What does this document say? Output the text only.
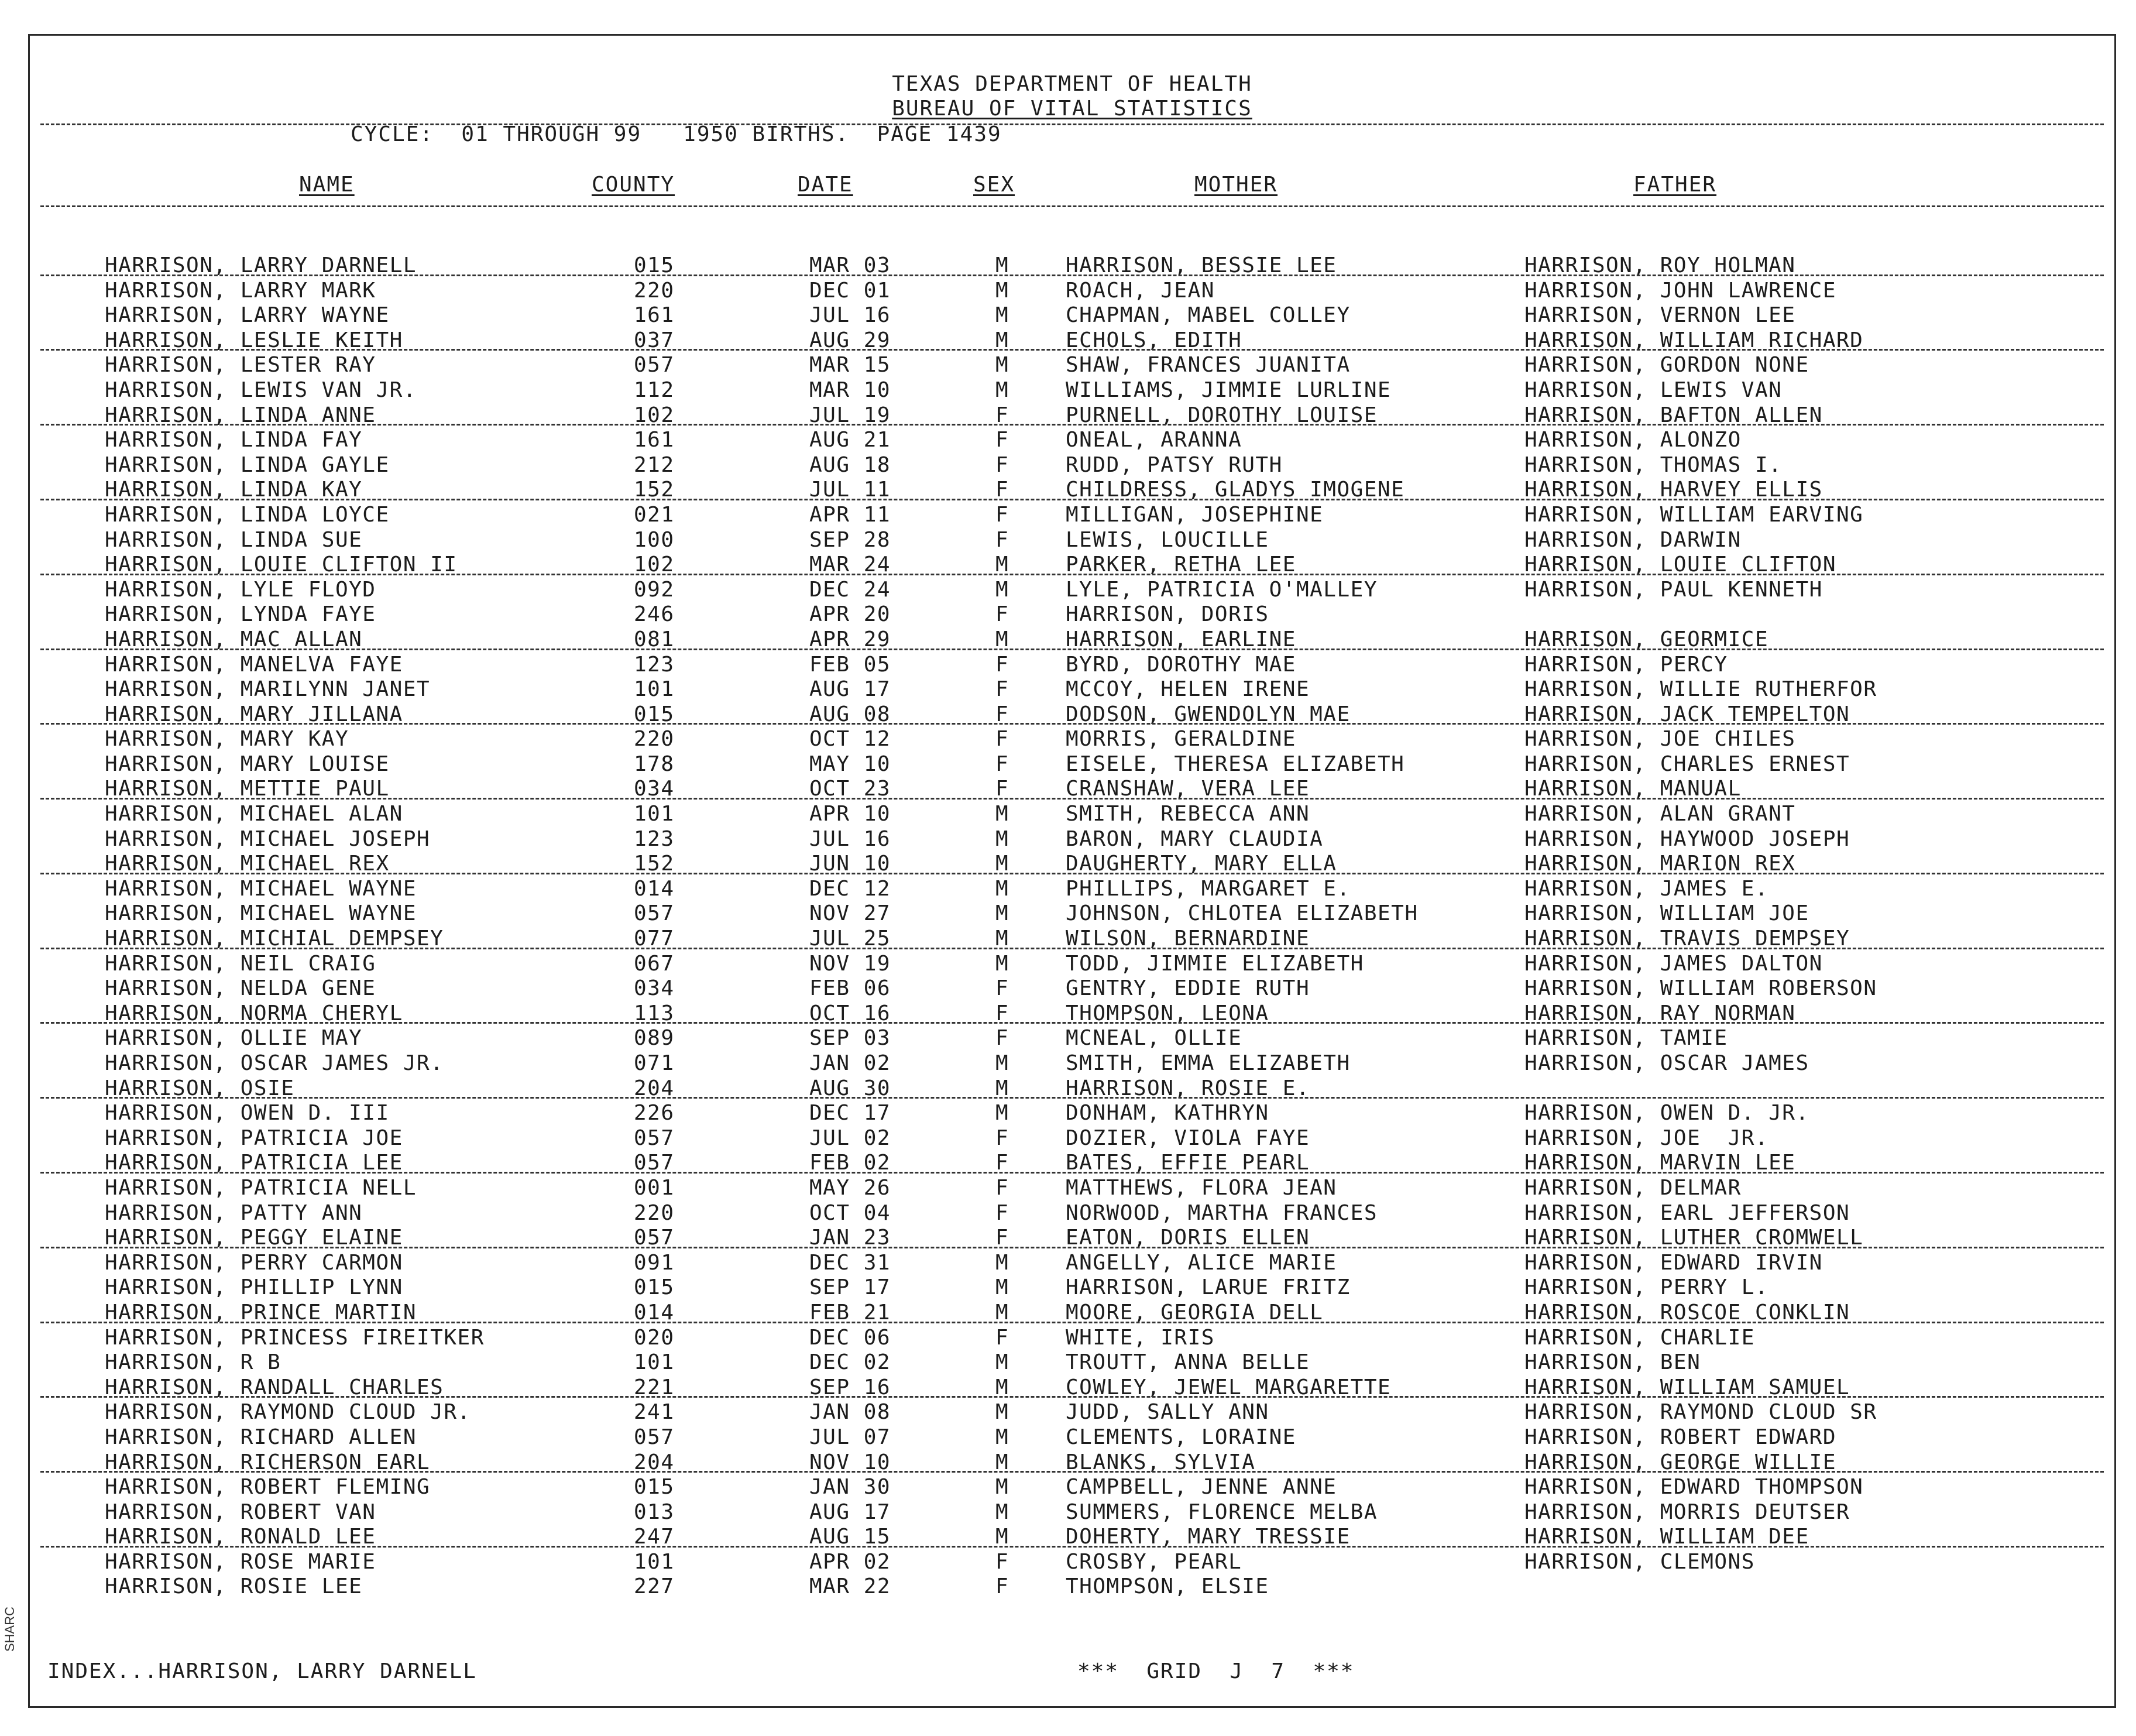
TEXAS DEPARTMENT OF HEALTH
BUREAU OF VITAL STATISTICS
CYCLE:  01 THROUGH 99   1950 BIRTHS.  PAGE 1439
NAME	COUNTY	DATE	SEX	MOTHER	FATHER
HARRISON, LARRY DARNELL	015	MAR 03	M	HARRISON, BESSIE LEE	HARRISON, ROY HOLMAN
HARRISON, LARRY MARK	220	DEC 01	M	ROACH, JEAN	HARRISON, JOHN LAWRENCE
HARRISON, LARRY WAYNE	161	JUL 16	M	CHAPMAN, MABEL COLLEY	HARRISON, VERNON LEE
HARRISON, LESLIE KEITH	037	AUG 29	M	ECHOLS, EDITH	HARRISON, WILLIAM RICHARD
HARRISON, LESTER RAY	057	MAR 15	M	SHAW, FRANCES JUANITA	HARRISON, GORDON NONE
HARRISON, LEWIS VAN JR.	112	MAR 10	M	WILLIAMS, JIMMIE LURLINE	HARRISON, LEWIS VAN
HARRISON, LINDA ANNE	102	JUL 19	F	PURNELL, DOROTHY LOUISE	HARRISON, BAFTON ALLEN
HARRISON, LINDA FAY	161	AUG 21	F	ONEAL, ARANNA	HARRISON, ALONZO
HARRISON, LINDA GAYLE	212	AUG 18	F	RUDD, PATSY RUTH	HARRISON, THOMAS I.
HARRISON, LINDA KAY	152	JUL 11	F	CHILDRESS, GLADYS IMOGENE	HARRISON, HARVEY ELLIS
HARRISON, LINDA LOYCE	021	APR 11	F	MILLIGAN, JOSEPHINE	HARRISON, WILLIAM EARVING
HARRISON, LINDA SUE	100	SEP 28	F	LEWIS, LOUCILLE	HARRISON, DARWIN
HARRISON, LOUIE CLIFTON II	102	MAR 24	M	PARKER, RETHA LEE	HARRISON, LOUIE CLIFTON
HARRISON, LYLE FLOYD	092	DEC 24	M	LYLE, PATRICIA O'MALLEY	HARRISON, PAUL KENNETH
HARRISON, LYNDA FAYE	246	APR 20	F	HARRISON, DORIS
HARRISON, MAC ALLAN	081	APR 29	M	HARRISON, EARLINE	HARRISON, GEORMICE
HARRISON, MANELVA FAYE	123	FEB 05	F	BYRD, DOROTHY MAE	HARRISON, PERCY
HARRISON, MARILYNN JANET	101	AUG 17	F	MCCOY, HELEN IRENE	HARRISON, WILLIE RUTHERFOR
HARRISON, MARY JILLANA	015	AUG 08	F	DODSON, GWENDOLYN MAE	HARRISON, JACK TEMPELTON
HARRISON, MARY KAY	220	OCT 12	F	MORRIS, GERALDINE	HARRISON, JOE CHILES
HARRISON, MARY LOUISE	178	MAY 10	F	EISELE, THERESA ELIZABETH	HARRISON, CHARLES ERNEST
HARRISON, METTIE PAUL	034	OCT 23	F	CRANSHAW, VERA LEE	HARRISON, MANUAL
HARRISON, MICHAEL ALAN	101	APR 10	M	SMITH, REBECCA ANN	HARRISON, ALAN GRANT
HARRISON, MICHAEL JOSEPH	123	JUL 16	M	BARON, MARY CLAUDIA	HARRISON, HAYWOOD JOSEPH
HARRISON, MICHAEL REX	152	JUN 10	M	DAUGHERTY, MARY ELLA	HARRISON, MARION REX
HARRISON, MICHAEL WAYNE	014	DEC 12	M	PHILLIPS, MARGARET E.	HARRISON, JAMES E.
HARRISON, MICHAEL WAYNE	057	NOV 27	M	JOHNSON, CHLOTEA ELIZABETH	HARRISON, WILLIAM JOE
HARRISON, MICHIAL DEMPSEY	077	JUL 25	M	WILSON, BERNARDINE	HARRISON, TRAVIS DEMPSEY
HARRISON, NEIL CRAIG	067	NOV 19	M	TODD, JIMMIE ELIZABETH	HARRISON, JAMES DALTON
HARRISON, NELDA GENE	034	FEB 06	F	GENTRY, EDDIE RUTH	HARRISON, WILLIAM ROBERSON
HARRISON, NORMA CHERYL	113	OCT 16	F	THOMPSON, LEONA	HARRISON, RAY NORMAN
HARRISON, OLLIE MAY	089	SEP 03	F	MCNEAL, OLLIE	HARRISON, TAMIE
HARRISON, OSCAR JAMES JR.	071	JAN 02	M	SMITH, EMMA ELIZABETH	HARRISON, OSCAR JAMES
HARRISON, OSIE	204	AUG 30	M	HARRISON, ROSIE E.
HARRISON, OWEN D. III	226	DEC 17	M	DONHAM, KATHRYN	HARRISON, OWEN D. JR.
HARRISON, PATRICIA JOE	057	JUL 02	F	DOZIER, VIOLA FAYE	HARRISON, JOE  JR.
HARRISON, PATRICIA LEE	057	FEB 02	F	BATES, EFFIE PEARL	HARRISON, MARVIN LEE
HARRISON, PATRICIA NELL	001	MAY 26	F	MATTHEWS, FLORA JEAN	HARRISON, DELMAR
HARRISON, PATTY ANN	220	OCT 04	F	NORWOOD, MARTHA FRANCES	HARRISON, EARL JEFFERSON
HARRISON, PEGGY ELAINE	057	JAN 23	F	EATON, DORIS ELLEN	HARRISON, LUTHER CROMWELL
HARRISON, PERRY CARMON	091	DEC 31	M	ANGELLY, ALICE MARIE	HARRISON, EDWARD IRVIN
HARRISON, PHILLIP LYNN	015	SEP 17	M	HARRISON, LARUE FRITZ	HARRISON, PERRY L.
HARRISON, PRINCE MARTIN	014	FEB 21	M	MOORE, GEORGIA DELL	HARRISON, ROSCOE CONKLIN
HARRISON, PRINCESS FIREITKER	020	DEC 06	F	WHITE, IRIS	HARRISON, CHARLIE
HARRISON, R B	101	DEC 02	M	TROUTT, ANNA BELLE	HARRISON, BEN
HARRISON, RANDALL CHARLES	221	SEP 16	M	COWLEY, JEWEL MARGARETTE	HARRISON, WILLIAM SAMUEL
HARRISON, RAYMOND CLOUD JR.	241	JAN 08	M	JUDD, SALLY ANN	HARRISON, RAYMOND CLOUD SR
HARRISON, RICHARD ALLEN	057	JUL 07	M	CLEMENTS, LORAINE	HARRISON, ROBERT EDWARD
HARRISON, RICHERSON EARL	204	NOV 10	M	BLANKS, SYLVIA	HARRISON, GEORGE WILLIE
HARRISON, ROBERT FLEMING	015	JAN 30	M	CAMPBELL, JENNE ANNE	HARRISON, EDWARD THOMPSON
HARRISON, ROBERT VAN	013	AUG 17	M	SUMMERS, FLORENCE MELBA	HARRISON, MORRIS DEUTSER
HARRISON, RONALD LEE	247	AUG 15	M	DOHERTY, MARY TRESSIE	HARRISON, WILLIAM DEE
HARRISON, ROSE MARIE	101	APR 02	F	CROSBY, PEARL	HARRISON, CLEMONS
HARRISON, ROSIE LEE	227	MAR 22	F	THOMPSON, ELSIE
INDEX...HARRISON, LARRY DARNELL	***  GRID  J  7  ***
SHARC
